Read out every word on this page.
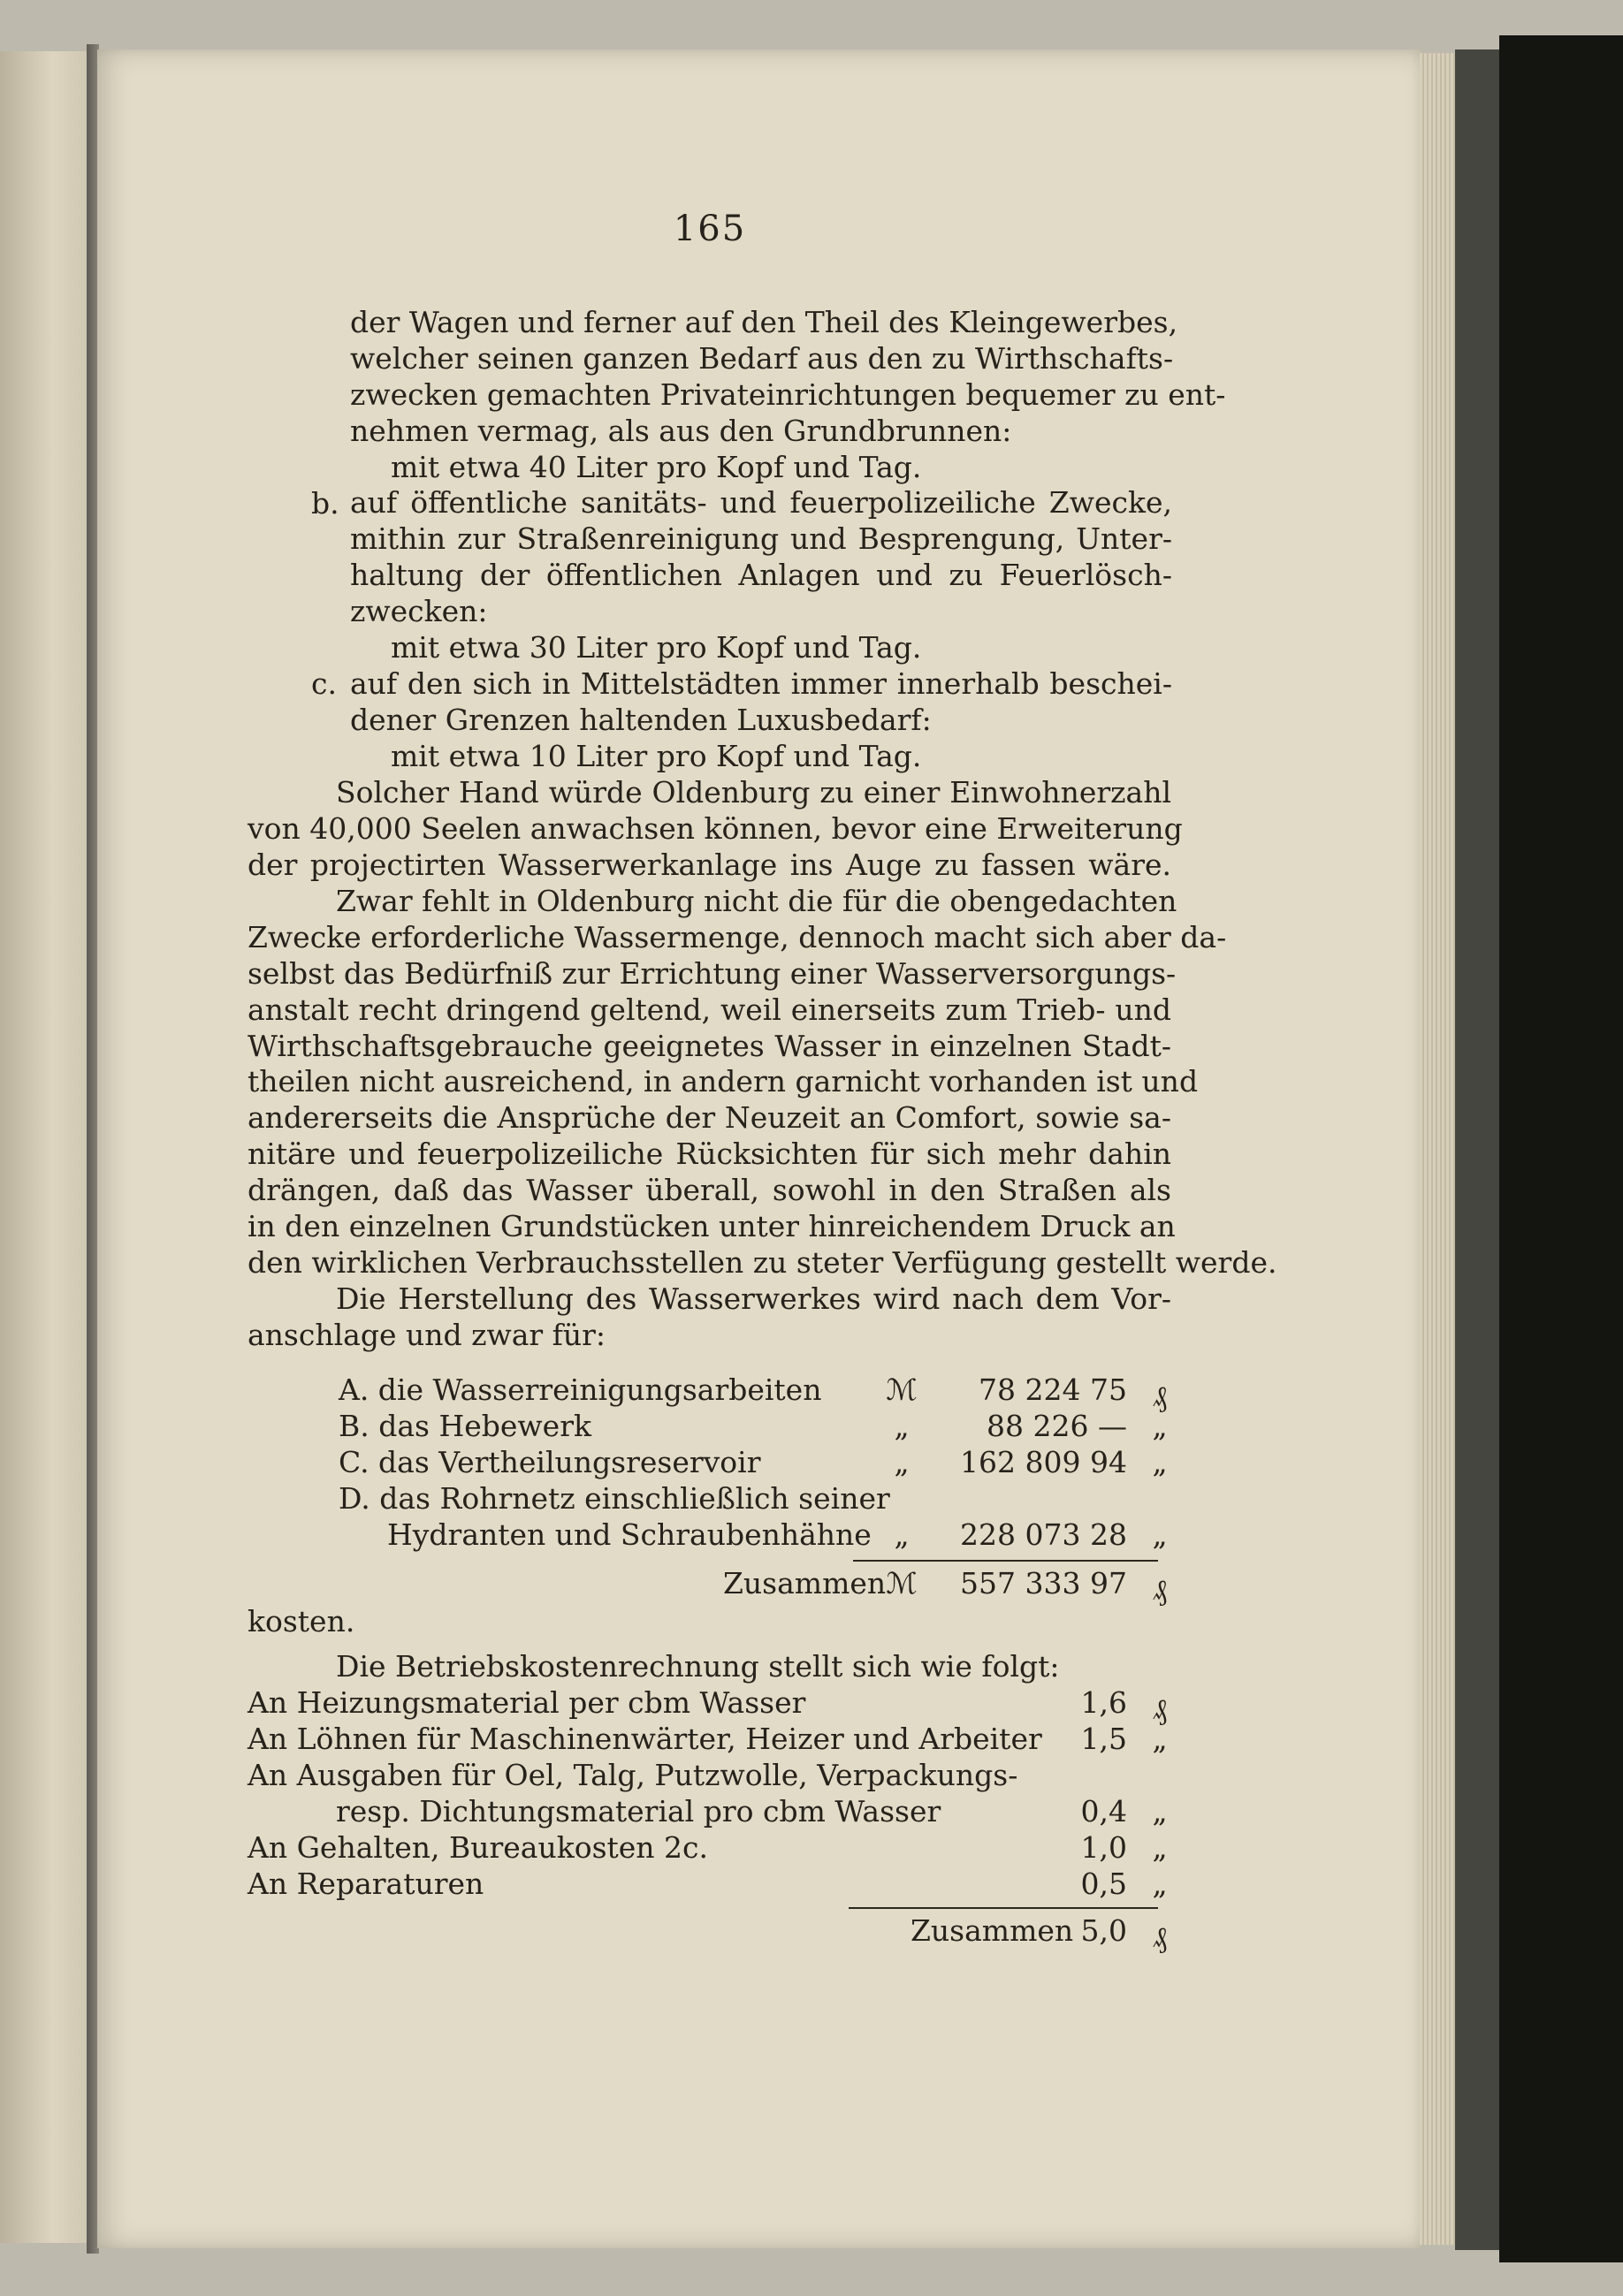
165
der Wagen und ferner auf den Theil des Kleingewerbes,
welcher seinen ganzen Bedarf aus den zu Wirthschafts-
zwecken gemachten Privateinrichtungen bequemer zu ent-
nehmen vermag, als aus den Grundbrunnen:
mit etwa 40 Liter pro Kopf und Tag.
auf öffentliche sanitäts- und feuerpolizeiliche Zwecke,
mithin zur Straßenreinigung und Besprengung, Unter-
haltung der öffentlichen Anlagen und zu Feuerlösch-
zwecken:
mit etwa 30 Liter pro Kopf und Tag.
auf den sich in Mittelstädten immer innerhalb beschei-
dener Grenzen haltenden Luxusbedarf:
mit etwa 10 Liter pro Kopf und Tag.
b.
c.
Solcher Hand würde Oldenburg zu einer Einwohnerzahl
von 40,000 Seelen anwachsen können, bevor eine Erweiterung
der projectirten Wasserwerkanlage ins Auge zu fassen wäre.
Zwar fehlt in Oldenburg nicht die für die obengedachten
Zwecke erforderliche Wassermenge, dennoch macht sich aber da-
selbst das Bedürfniß zur Errichtung einer Wasserversorgungs-
anstalt recht dringend geltend, weil einerseits zum Trieb- und
Wirthschaftsgebrauche geeignetes Wasser in einzelnen Stadt-
theilen nicht ausreichend, in andern garnicht vorhanden ist und
andererseits die Ansprüche der Neuzeit an Comfort, sowie sa-
nitäre und feuerpolizeiliche Rücksichten für sich mehr dahin
drängen, daß das Wasser überall, sowohl in den Straßen als
in den einzelnen Grundstücken unter hinreichendem Druck an
den wirklichen Verbrauchsstellen zu steter Verfügung gestellt werde.
Die Herstellung des Wasserwerkes wird nach dem Vor-
anschlage und zwar für:
A. die Wasserreinigungsarbeiten ℳ	78 224 75 ₰
B. das Hebewerk	„	88 226 — „
C. das Vertheilungsreservoir	„	162 809 94 „
D. das Rohrnetz einschließlich seiner
Hydranten und Schraubenhähne „	228 073 28 „
Zusammen ℳ	557 333 97 ₰
kosten.
Die Betriebskostenrechnung stellt sich wie folgt:
An Heizungsmaterial per cbm Wasser	1,6 ₰
An Löhnen für Maschinenwärter, Heizer und Arbeiter	1,5 „
An Ausgaben für Oel, Talg, Putzwolle, Verpackungs-
resp. Dichtungsmaterial pro cbm Wasser	0,4 „
An Gehalten, Bureaukosten 2c.	1,0 „
An Reparaturen	0,5 „
Zusammen 5,0 ₰
